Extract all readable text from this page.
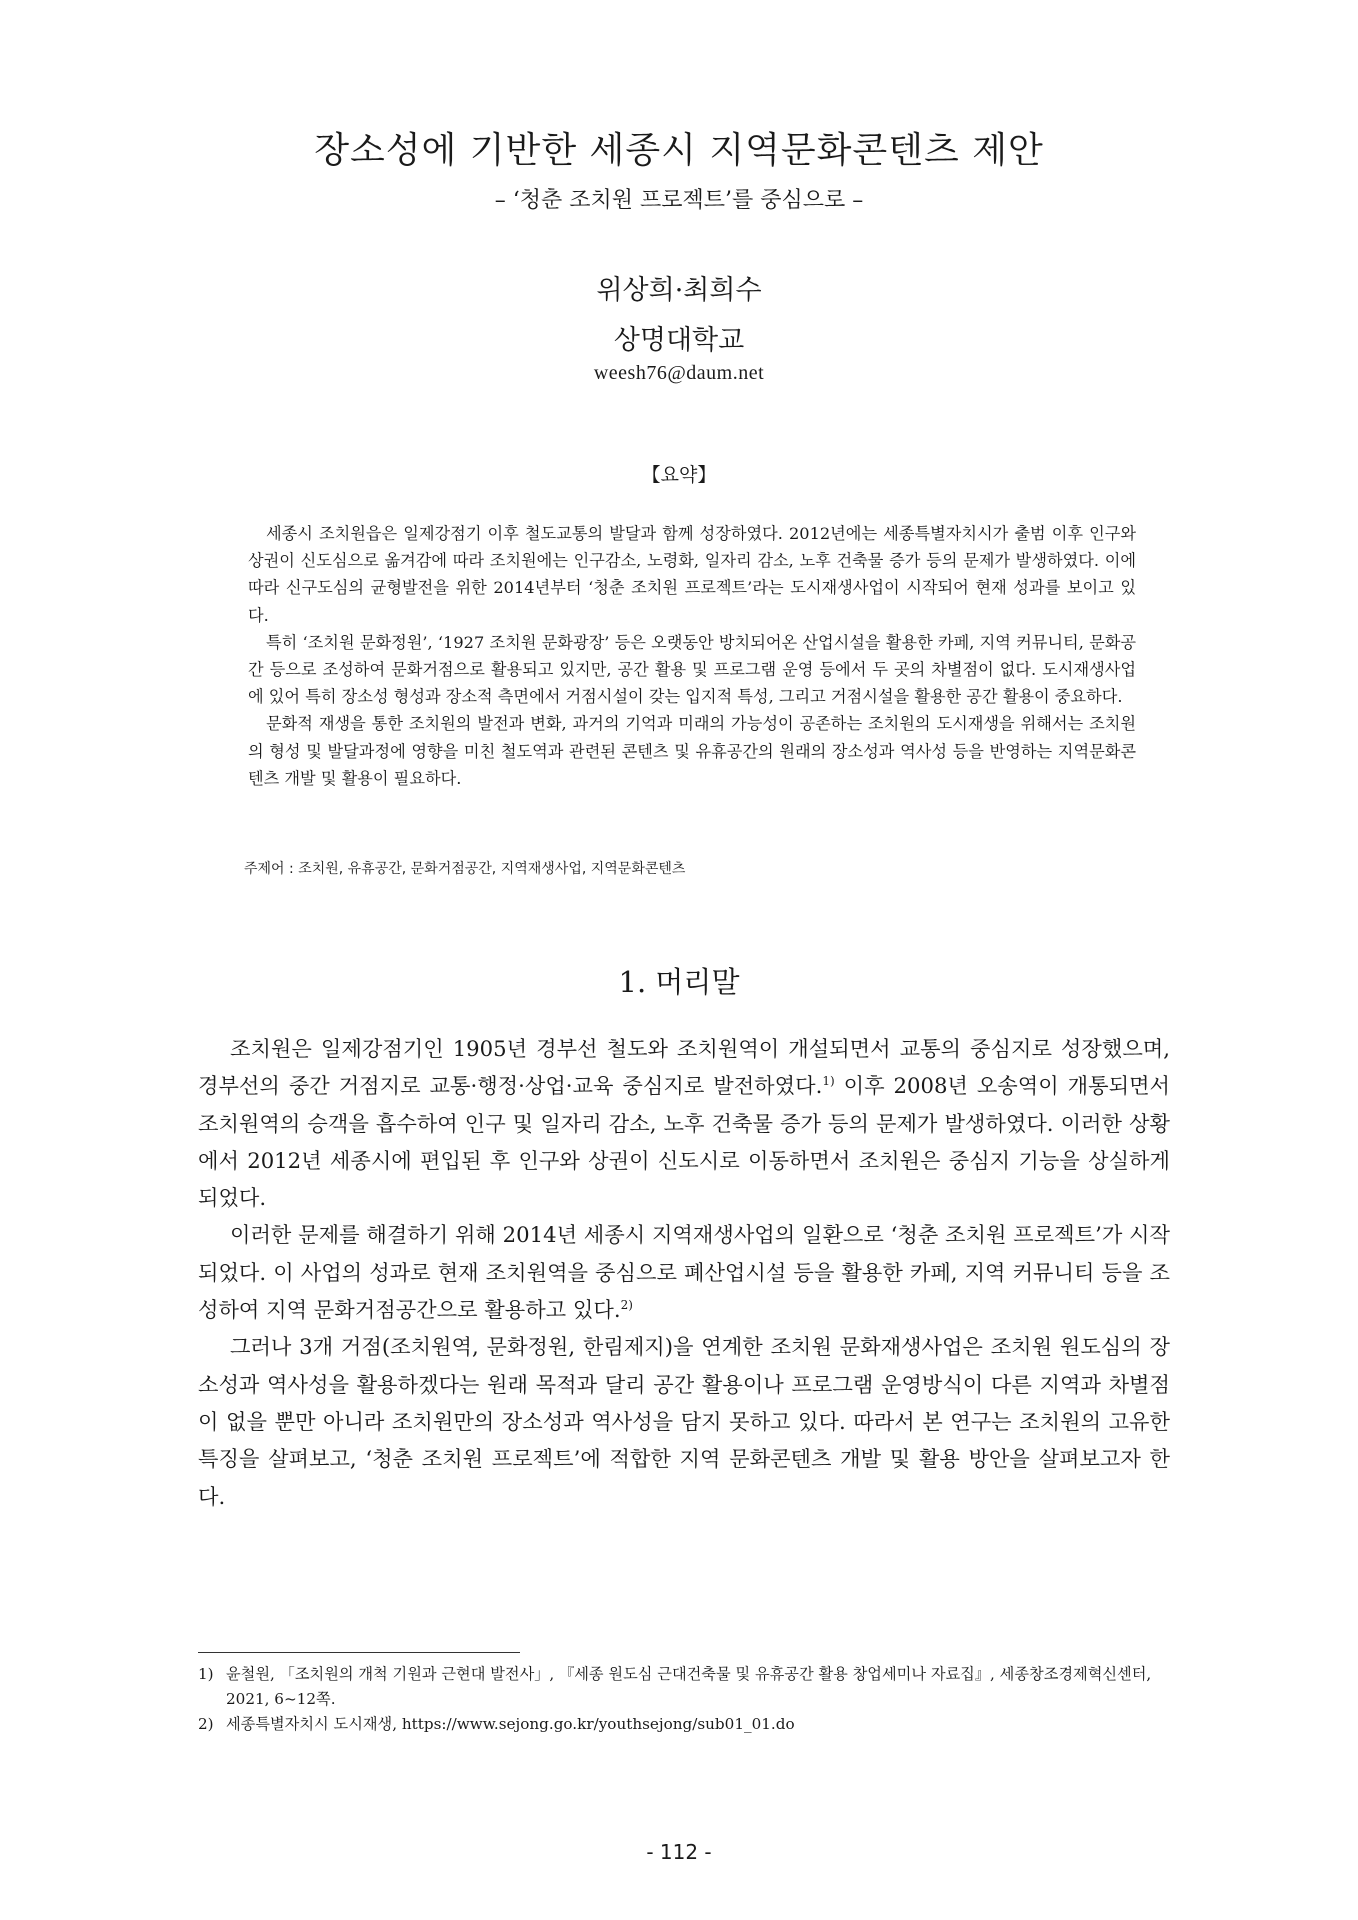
장소성에 기반한 세종시 지역문화콘텐츠 제안
– ‘청춘 조치원 프로젝트’를 중심으로 –
위상희·최희수
상명대학교
weesh76@daum.net
【요약】

세종시 조치원읍은 일제강점기 이후 철도교통의 발달과 함께 성장하였다. 2012년에는 세종특별자치시가 출범 이후 인구와 상권이 신도심으로 옮겨감에 따라 조치원에는 인구감소, 노령화, 일자리 감소, 노후 건축물 증가 등의 문제가 발생하였다. 이에 따라 신구도심의 균형발전을 위한 2014년부터 ‘청춘 조치원 프로젝트’라는 도시재생사업이 시작되어 현재 성과를 보이고 있다.

특히 ‘조치원 문화정원’, ‘1927 조치원 문화광장’ 등은 오랫동안 방치되어온 산업시설을 활용한 카페, 지역 커뮤니티, 문화공간 등으로 조성하여 문화거점으로 활용되고 있지만, 공간 활용 및 프로그램 운영 등에서 두 곳의 차별점이 없다. 도시재생사업에 있어 특히 장소성 형성과 장소적 측면에서 거점시설이 갖는 입지적 특성, 그리고 거점시설을 활용한 공간 활용이 중요하다.

문화적 재생을 통한 조치원의 발전과 변화, 과거의 기억과 미래의 가능성이 공존하는 조치원의 도시재생을 위해서는 조치원의 형성 및 발달과정에 영향을 미친 철도역과 관련된 콘텐츠 및 유휴공간의 원래의 장소성과 역사성 등을 반영하는 지역문화콘텐츠 개발 및 활용이 필요하다.

주제어 : 조치원, 유휴공간, 문화거점공간, 지역재생사업, 지역문화콘텐츠
1. 머리말

조치원은 일제강점기인 1905년 경부선 철도와 조치원역이 개설되면서 교통의 중심지로 성장했으며, 경부선의 중간 거점지로 교통·행정·상업·교육 중심지로 발전하였다.$^{1)}$ 이후 2008년 오송역이 개통되면서 조치원역의 승객을 흡수하여 인구 및 일자리 감소, 노후 건축물 증가 등의 문제가 발생하였다. 이러한 상황에서 2012년 세종시에 편입된 후 인구와 상권이 신도시로 이동하면서 조치원은 중심지 기능을 상실하게 되었다.

이러한 문제를 해결하기 위해 2014년 세종시 지역재생사업의 일환으로 ‘청춘 조치원 프로젝트’가 시작되었다. 이 사업의 성과로 현재 조치원역을 중심으로 폐산업시설 등을 활용한 카페, 지역 커뮤니티 등을 조성하여 지역 문화거점공간으로 활용하고 있다.$^{2)}$

그러나 3개 거점(조치원역, 문화정원, 한림제지)을 연계한 조치원 문화재생사업은 조치원 원도심의 장소성과 역사성을 활용하겠다는 원래 목적과 달리 공간 활용이나 프로그램 운영방식이 다른 지역과 차별점이 없을 뿐만 아니라 조치원만의 장소성과 역사성을 담지 못하고 있다. 따라서 본 연구는 조치원의 고유한 특징을 살펴보고, ‘청춘 조치원 프로젝트’에 적합한 지역 문화콘텐츠 개발 및 활용 방안을 살펴보고자 한다.

1) 윤철원, 「조치원의 개척 기원과 근현대 발전사」, 『세종 원도심 근대건축물 및 유휴공간 활용 창업세미나 자료집』, 세종창조경제혁신센터, 2021, 6~12쪽.
2) 세종특별자치시 도시재생, https://www.sejong.go.kr/youthsejong/sub01_01.do
- 112 -
